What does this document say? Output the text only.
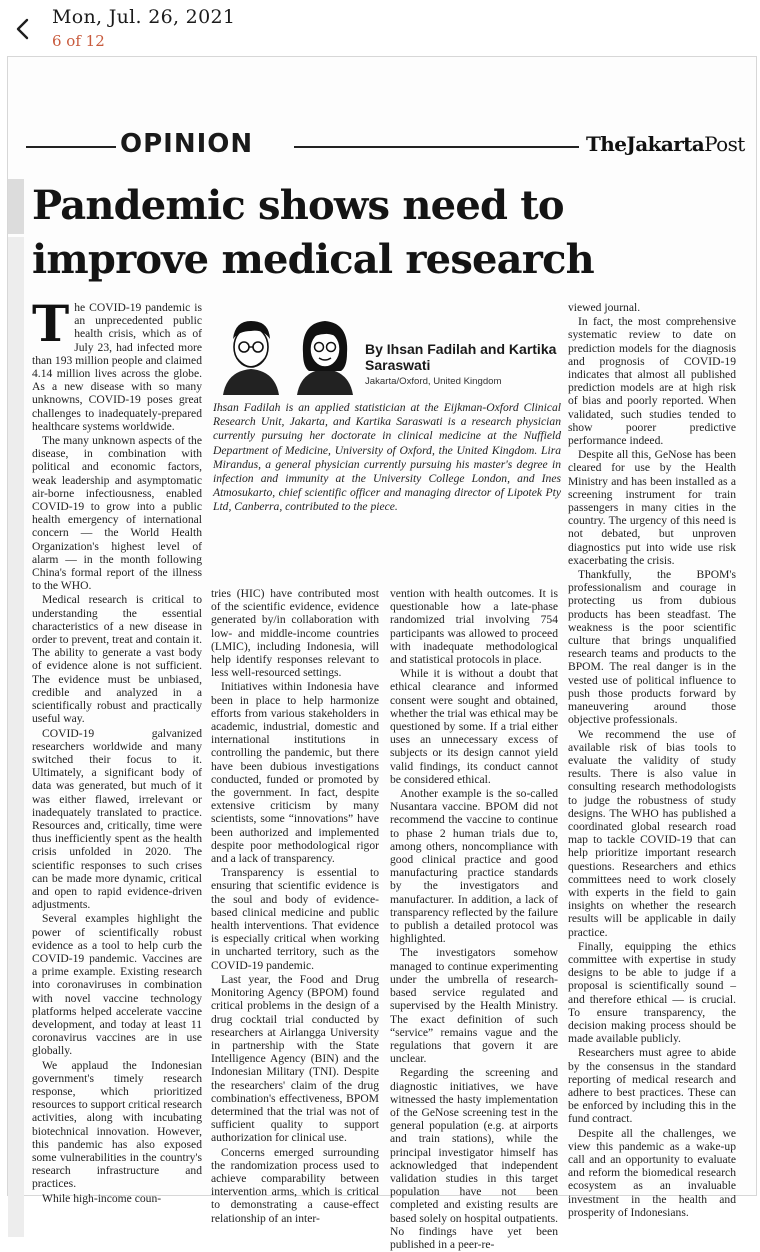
Mon, Jul. 26, 2021
6 of 12
OPINION	TheJakartaPost
Pandemic shows need to improve medical research

The COVID-19 pandemic is an unprecedented public health crisis, which as of July 23, had infected more than 193 million people and claimed 4.14 million lives across the globe. As a new disease with so many unknowns, COVID-19 poses great challenges to inadequately-prepared healthcare systems worldwide.

The many unknown aspects of the disease, in combination with political and economic factors, weak leadership and asymptomatic air-borne infectiousness, enabled COVID-19 to grow into a public health emergency of international concern — the World Health Organization's highest level of alarm — in the month following China's formal report of the illness to the WHO.

Medical research is critical to understanding the essential characteristics of a new disease in order to prevent, treat and contain it. The ability to generate a vast body of evidence alone is not sufficient. The evidence must be unbiased, credible and analyzed in a scientifically robust and practically useful way.

COVID-19 galvanized researchers worldwide and many switched their focus to it. Ultimately, a significant body of data was generated, but much of it was either flawed, irrelevant or inadequately translated to practice. Resources and, critically, time were thus inefficiently spent as the health crisis unfolded in 2020. The scientific responses to such crises can be made more dynamic, critical and open to rapid evidence-driven adjustments.

Several examples highlight the power of scientifically robust evidence as a tool to help curb the COVID-19 pandemic. Vaccines are a prime example. Existing research into coronaviruses in combination with novel vaccine technology platforms helped accelerate vaccine development, and today at least 11 coronavirus vaccines are in use globally.

We applaud the Indonesian government's timely research response, which prioritized resources to support critical research activities, along with incubating biotechnical innovation. However, this pandemic has also exposed some vulnerabilities in the country's research infrastructure and practices.

While high-income coun-

By Ihsan Fadilah and Kartika Saraswati

Jakarta/Oxford, United Kingdom

Ihsan Fadilah is an applied statistician at the Eijkman-Oxford Clinical Research Unit, Jakarta, and Kartika Saraswati is a research physician currently pursuing her doctorate in clinical medicine at the Nuffield Department of Medicine, University of Oxford, the United Kingdom. Lira Mirandus, a general physician currently pursuing his master's degree in infection and immunity at the University College London, and Ines Atmosukarto, chief scientific officer and managing director of Lipotek Pty Ltd, Canberra, contributed to the piece.

tries (HIC) have contributed most of the scientific evidence, evidence generated by/in collaboration with low- and middle-income countries (LMIC), including Indonesia, will help identify responses relevant to less well-resourced settings.

Initiatives within Indonesia have been in place to help harmonize efforts from various stakeholders in academic, industrial, domestic and international institutions in controlling the pandemic, but there have been dubious investigations conducted, funded or promoted by the government. In fact, despite extensive criticism by many scientists, some “innovations” have been authorized and implemented despite poor methodological rigor and a lack of transparency.

Transparency is essential to ensuring that scientific evidence is the soul and body of evidence-based clinical medicine and public health interventions. That evidence is especially critical when working in uncharted territory, such as the COVID-19 pandemic.

Last year, the Food and Drug Monitoring Agency (BPOM) found critical problems in the design of a drug cocktail trial conducted by researchers at Airlangga University in partnership with the State Intelligence Agency (BIN) and the Indonesian Military (TNI). Despite the researchers' claim of the drug combination's effectiveness, BPOM determined that the trial was not of sufficient quality to support authorization for clinical use.

Concerns emerged surrounding the randomization process used to achieve comparability between intervention arms, which is critical to demonstrating a cause-effect relationship of an inter-

vention with health outcomes. It is questionable how a late-phase randomized trial involving 754 participants was allowed to proceed with inadequate methodological and statistical protocols in place.

While it is without a doubt that ethical clearance and informed consent were sought and obtained, whether the trial was ethical may be questioned by some. If a trial either uses an unnecessary excess of subjects or its design cannot yield valid findings, its conduct cannot be considered ethical.

Another example is the so-called Nusantara vaccine. BPOM did not recommend the vaccine to continue to phase 2 human trials due to, among others, noncompliance with good clinical practice and good manufacturing practice standards by the investigators and manufacturer. In addition, a lack of transparency reflected by the failure to publish a detailed protocol was highlighted.

The investigators somehow managed to continue experimenting under the umbrella of research-based service regulated and supervised by the Health Ministry. The exact definition of such “service” remains vague and the regulations that govern it are unclear.

Regarding the screening and diagnostic initiatives, we have witnessed the hasty implementation of the GeNose screening test in the general population (e.g. at airports and train stations), while the principal investigator himself has acknowledged that independent validation studies in this target population have not been completed and existing results are based solely on hospital outpatients. No findings have yet been published in a peer-re-

viewed journal.

In fact, the most comprehensive systematic review to date on prediction models for the diagnosis and prognosis of COVID-19 indicates that almost all published prediction models are at high risk of bias and poorly reported. When validated, such studies tended to show poorer predictive performance indeed.

Despite all this, GeNose has been cleared for use by the Health Ministry and has been installed as a screening instrument for train passengers in many cities in the country. The urgency of this need is not debated, but unproven diagnostics put into wide use risk exacerbating the crisis.

Thankfully, the BPOM's professionalism and courage in protecting us from dubious products has been steadfast. The weakness is the poor scientific culture that brings unqualified research teams and products to the BPOM. The real danger is in the vested use of political influence to push those products forward by maneuvering around those objective professionals.

We recommend the use of available risk of bias tools to evaluate the validity of study results. There is also value in consulting research methodologists to judge the robustness of study designs. The WHO has published a coordinated global research road map to tackle COVID-19 that can help prioritize important research questions. Researchers and ethics committees need to work closely with experts in the field to gain insights on whether the research results will be applicable in daily practice.

Finally, equipping the ethics committee with expertise in study designs to be able to judge if a proposal is scientifically sound – and therefore ethical — is crucial. To ensure transparency, the decision making process should be made available publicly.

Researchers must agree to abide by the consensus in the standard reporting of medical research and adhere to best practices. These can be enforced by including this in the fund contract.

Despite all the challenges, we view this pandemic as a wake-up call and an opportunity to evaluate and reform the biomedical research ecosystem as an invaluable investment in the health and prosperity of Indonesians.
